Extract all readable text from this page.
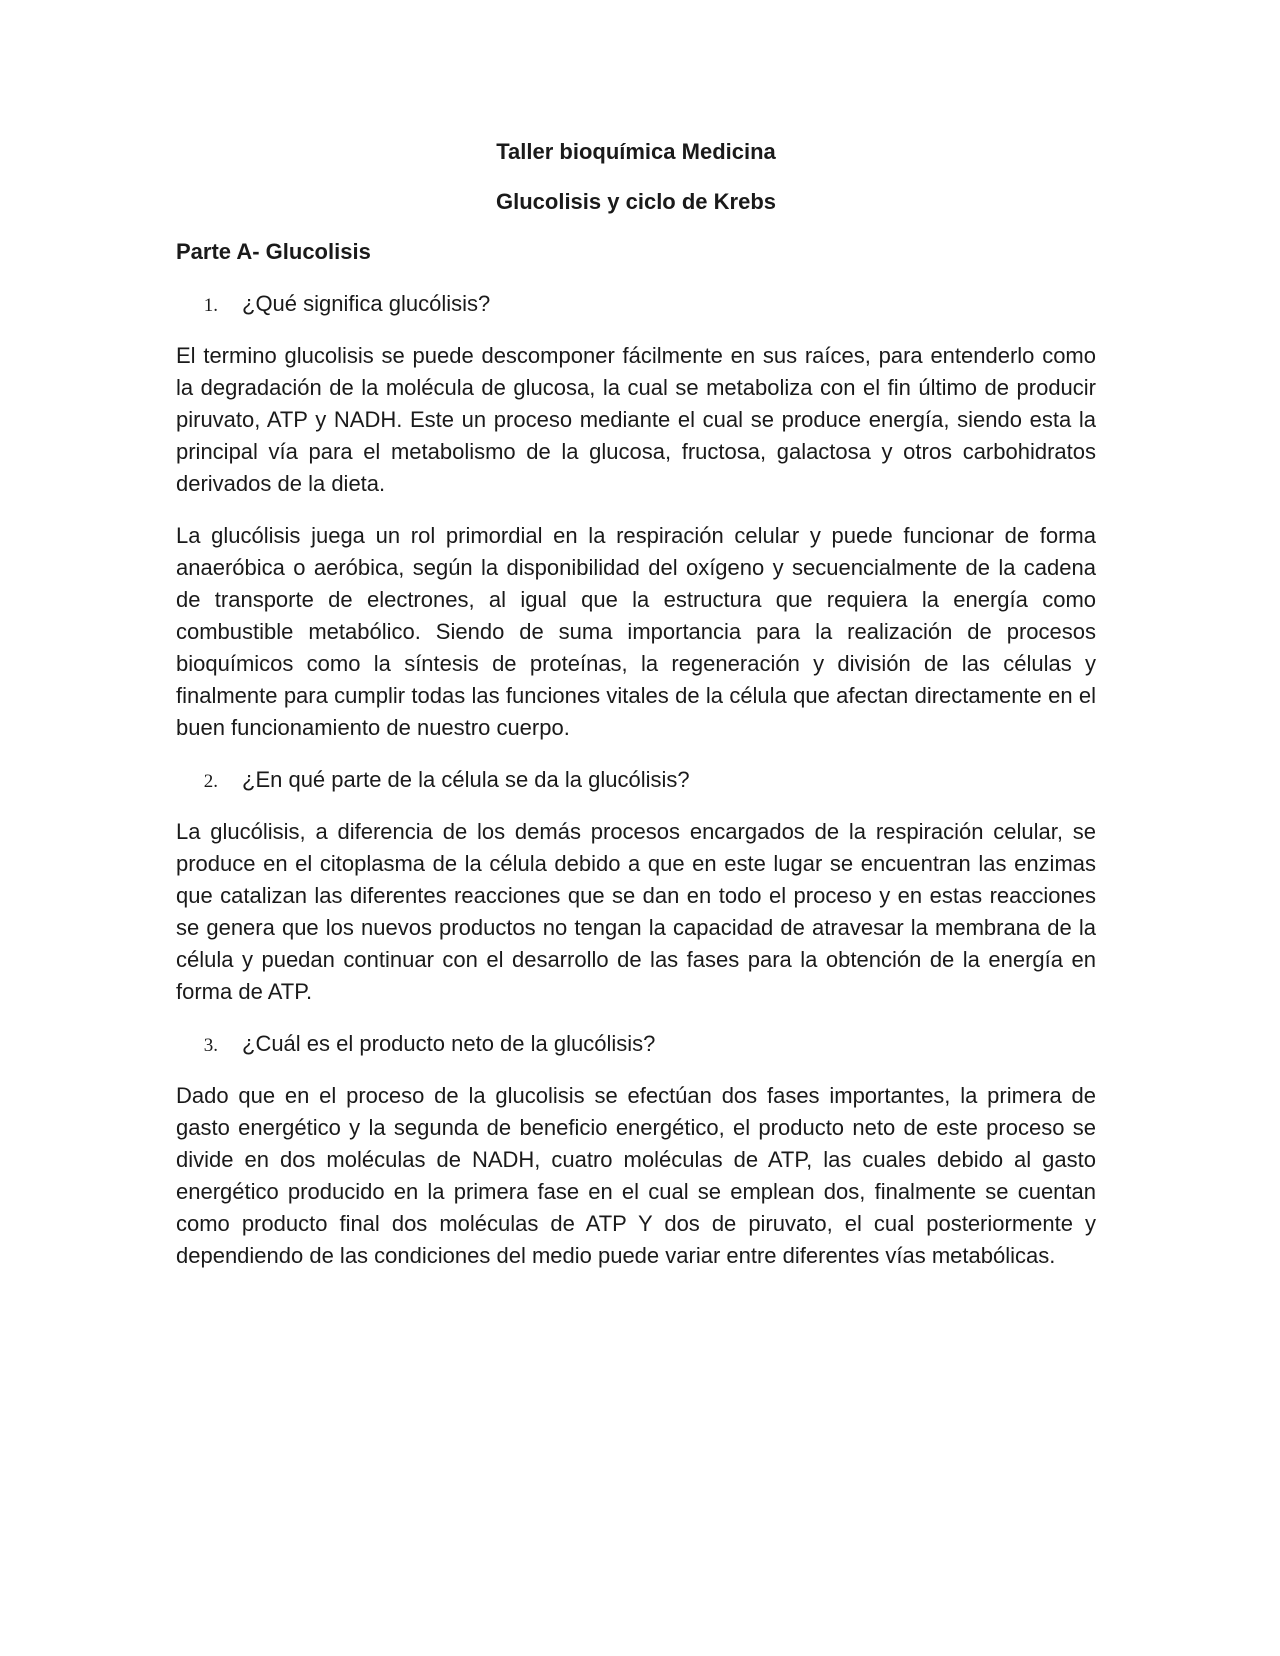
Taller bioquímica Medicina
Glucolisis y ciclo de Krebs
Parte A- Glucolisis
1.	¿Qué significa glucólisis?

El termino glucolisis se puede descomponer fácilmente en sus raíces, para entenderlo como la degradación de la molécula de glucosa, la cual se metaboliza con el fin último de producir piruvato, ATP y NADH. Este un proceso mediante el cual se produce energía, siendo esta la principal vía para el metabolismo de la glucosa, fructosa, galactosa y otros carbohidratos derivados de la dieta.

La glucólisis juega un rol primordial en la respiración celular y puede funcionar de forma anaeróbica o aeróbica, según la disponibilidad del oxígeno y secuencialmente de la cadena de transporte de electrones, al igual que la estructura que requiera la energía como combustible metabólico. Siendo de suma importancia para la realización de procesos bioquímicos como la síntesis de proteínas, la regeneración y división de las células y finalmente para cumplir todas las funciones vitales de la célula que afectan directamente en el buen funcionamiento de nuestro cuerpo.

2.	¿En qué parte de la célula se da la glucólisis?

La glucólisis, a diferencia de los demás procesos encargados de la respiración celular, se produce en el citoplasma de la célula debido a que en este lugar se encuentran las enzimas que catalizan las diferentes reacciones que se dan en todo el proceso y en estas reacciones se genera que los nuevos productos no tengan la capacidad de atravesar la membrana de la célula y puedan continuar con el desarrollo de las fases para la obtención de la energía en forma de ATP.

3.	¿Cuál es el producto neto de la glucólisis?

Dado que en el proceso de la glucolisis se efectúan dos fases importantes, la primera de gasto energético y la segunda de beneficio energético, el producto neto de este proceso se divide en dos moléculas de NADH, cuatro moléculas de ATP, las cuales debido al gasto energético producido en la primera fase en el cual se emplean dos, finalmente se cuentan como producto final dos moléculas de ATP Y dos de piruvato, el cual posteriormente y dependiendo de las condiciones del medio puede variar entre diferentes vías metabólicas.
